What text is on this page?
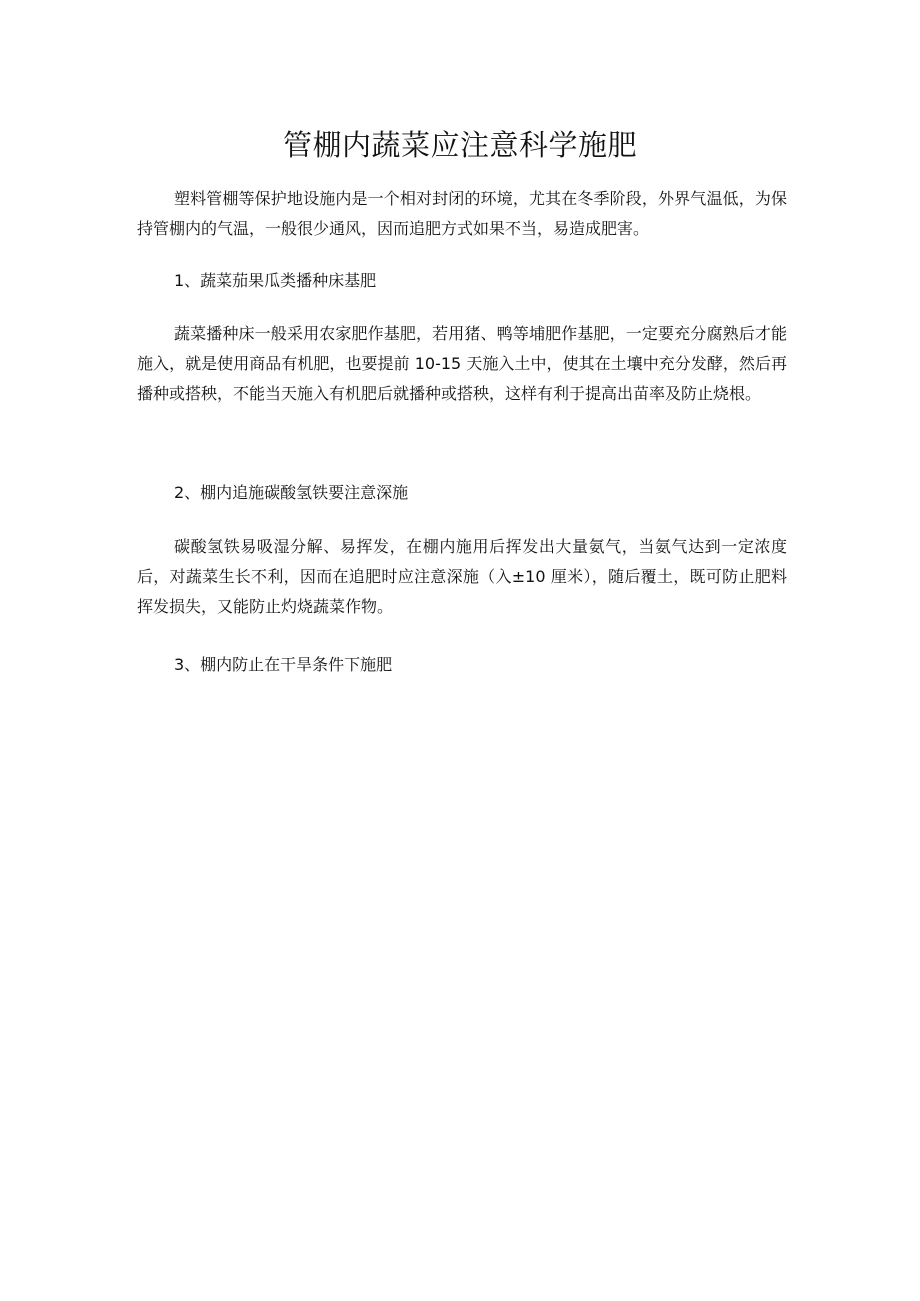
管棚内蔬菜应注意科学施肥

塑料管棚等保护地设施内是一个相对封闭的环境，尤其在冬季阶段，外界气温低，为保持管棚内的气温，一般很少通风，因而追肥方式如果不当，易造成肥害。

1、蔬菜茄果瓜类播种床基肥

蔬菜播种床一般采用农家肥作基肥，若用猪、鸭等埔肥作基肥，一定要充分腐熟后才能施入，就是使用商品有机肥，也要提前 10-15 天施入土中，使其在土壤中充分发酵，然后再播种或搭秧，不能当天施入有机肥后就播种或搭秧，这样有利于提高出苗率及防止烧根。

2、棚内追施碳酸氢铁要注意深施

碳酸氢铁易吸湿分解、易挥发，在棚内施用后挥发出大量氨气，当氨气达到一定浓度后，对蔬菜生长不利，因而在追肥时应注意深施（入±10 厘米），随后覆土，既可防止肥料挥发损失，又能防止灼烧蔬菜作物。

3、棚内防止在干旱条件下施肥
